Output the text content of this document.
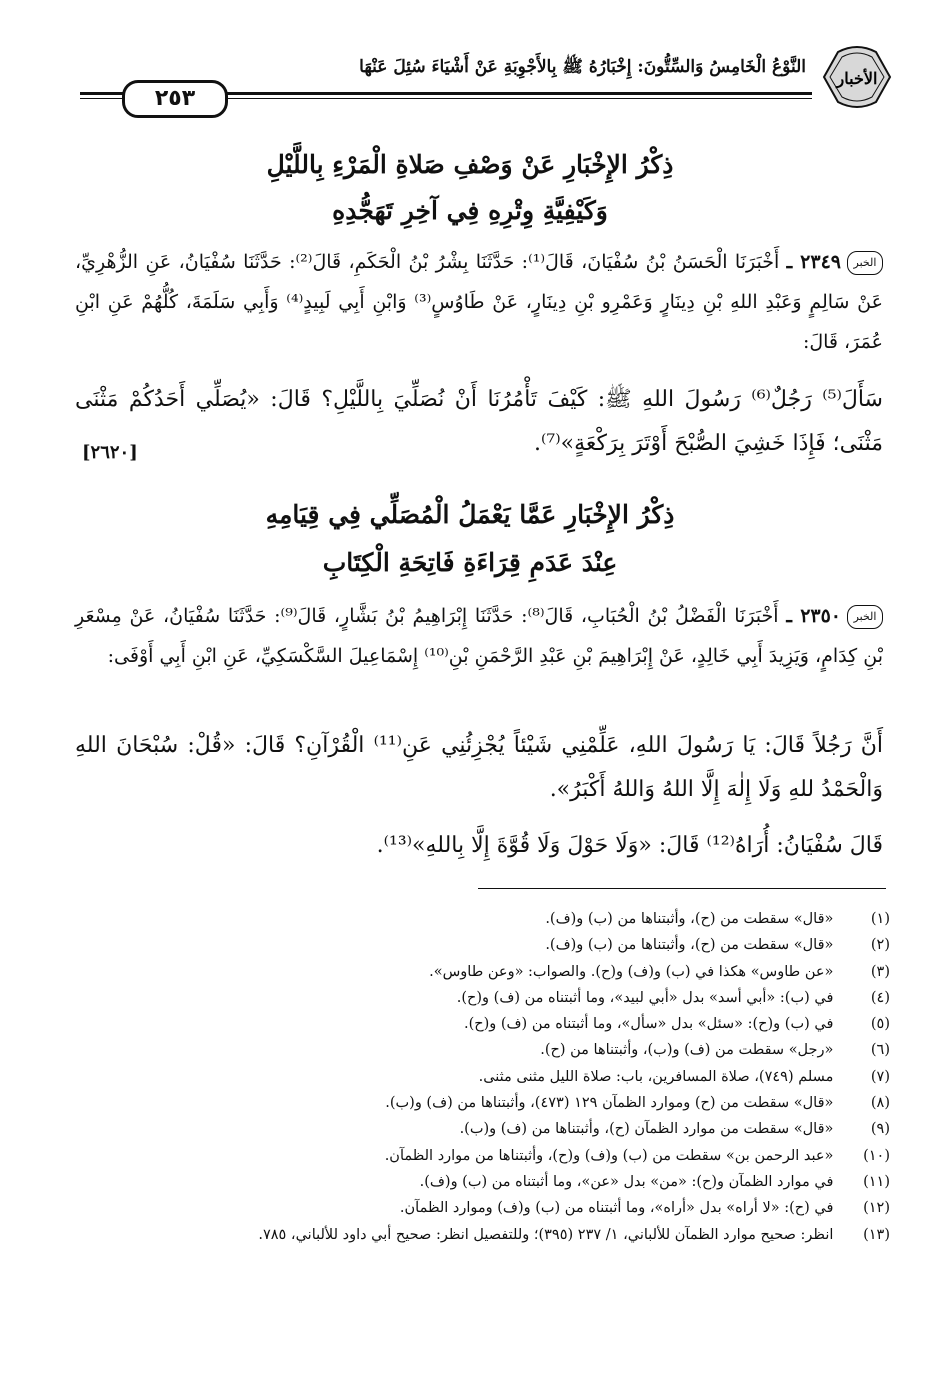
الأخبار
النَّوْعُ الْخَامِسُ وَالسِّتُّونَ: إِخْبَارُهُ ﷺ بِالأَجْوِبَةِ عَنْ أَشْيَاءَ سُئِلَ عَنْهَا
٢٥٣
ذِكْرُ الإِخْبَارِ عَنْ وَصْفِ صَلاةِ الْمَرْءِ بِاللَّيْلِ
وَكَيْفِيَّةِ وِتْرِهِ فِي آخِرِ تَهَجُّدِهِ
الخبر٢٣٤٩ ـ أَخْبَرَنَا الْحَسَنُ بْنُ سُفْيَانَ، قَالَ⁽¹⁾: حَدَّثَنَا بِشْرُ بْنُ الْحَكَمِ، قَالَ⁽²⁾: حَدَّثَنَا سُفْيَانُ، عَنِ الزُّهْرِيِّ، عَنْ سَالِمٍ وَعَبْدِ اللهِ بْنِ دِينَارٍ وَعَمْرِو بْنِ دِينَارٍ، عَنْ طَاوُسٍ⁽³⁾ وَابْنِ أَبِي لَبِيدٍ⁽⁴⁾ وَأَبِي سَلَمَةَ، كُلُّهُمْ عَنِ ابْنِ عُمَرَ، قَالَ:
سَأَلَ⁽⁵⁾ رَجُلٌ⁽⁶⁾ رَسُولَ اللهِ ﷺ: كَيْفَ تَأْمُرُنَا أَنْ نُصَلِّيَ بِاللَّيْلِ؟ قَالَ: «يُصَلِّي أَحَدُكُمْ مَثْنَى مَثْنَى؛ فَإِذَا خَشِيَ الصُّبْحَ أَوْتَرَ بِرَكْعَةٍ»⁽⁷⁾.
[٢٦٢٠]
ذِكْرُ الإِخْبَارِ عَمَّا يَعْمَلُ الْمُصَلِّي فِي قِيَامِهِ
عِنْدَ عَدَمِ قِرَاءَةِ فَاتِحَةِ الْكِتَابِ
الخبر٢٣٥٠ ـ أَخْبَرَنَا الْفَضْلُ بْنُ الْحُبَابِ، قَالَ⁽⁸⁾: حَدَّثَنَا إِبْرَاهِيمُ بْنُ بَشَّارٍ، قَالَ⁽⁹⁾: حَدَّثَنَا سُفْيَانُ، عَنْ مِسْعَرِ بْنِ كِدَامٍ، وَيَزِيدَ أَبِي خَالِدٍ، عَنْ إِبْرَاهِيمَ بْنِ عَبْدِ الرَّحْمَنِ بْنِ⁽¹⁰⁾ إِسْمَاعِيلَ السَّكْسَكِيِّ، عَنِ ابْنِ أَبِي أَوْفَى:
أَنَّ رَجُلاً قَالَ: يَا رَسُولَ اللهِ، عَلِّمْنِي شَيْئاً يُجْزِئُنِي عَنِ⁽¹¹⁾ الْقُرْآنِ؟ قَالَ: «قُلْ: سُبْحَانَ اللهِ وَالْحَمْدُ للهِ وَلَا إِلٰهَ إِلَّا اللهُ وَاللهُ أَكْبَرُ».
قَالَ سُفْيَانُ: أُرَاهُ⁽¹²⁾ قَالَ: «وَلَا حَوْلَ وَلَا قُوَّةَ إِلَّا بِاللهِ»⁽¹³⁾.
(١) «قال» سقطت من (ح)، وأثبتناها من (ب) و(ف).
(٢) «قال» سقطت من (ح)، وأثبتناها من (ب) و(ف).
(٣) «عن طاوس» هكذا في (ب) و(ف) و(ح). والصواب: «وعن طاوس».
(٤) في (ب): «أبي أسد» بدل «أبي لبيد»، وما أثبتناه من (ف) و(ح).
(٥) في (ب) و(ح): «سئل» بدل «سأل»، وما أثبتناه من (ف) و(ح).
(٦) «رجل» سقطت من (ف) و(ب)، وأثبتناها من (ح).
(٧) مسلم (٧٤٩)، صلاة المسافرين، باب: صلاة الليل مثنى مثنى.
(٨) «قال» سقطت من (ح) وموارد الظمآن ١٢٩ (٤٧٣)، وأثبتناها من (ف) و(ب).
(٩) «قال» سقطت من موارد الظمآن (ح)، وأثبتناها من (ف) و(ب).
(١٠) «عبد الرحمن بن» سقطت من (ب) و(ف) و(ح)، وأثبتناها من موارد الظمآن.
(١١) في موارد الظمآن و(ح): «من» بدل «عن»، وما أثبتناه من (ب) و(ف).
(١٢) في (ح): «لا أراه» بدل «أراه»، وما أثبتناه من (ب) و(ف) وموارد الظمآن.
(١٣) انظر: صحيح موارد الظمآن للألباني، ١/ ٢٣٧ (٣٩٥)؛ وللتفصيل انظر: صحيح أبي داود للألباني، ٧٨٥.
